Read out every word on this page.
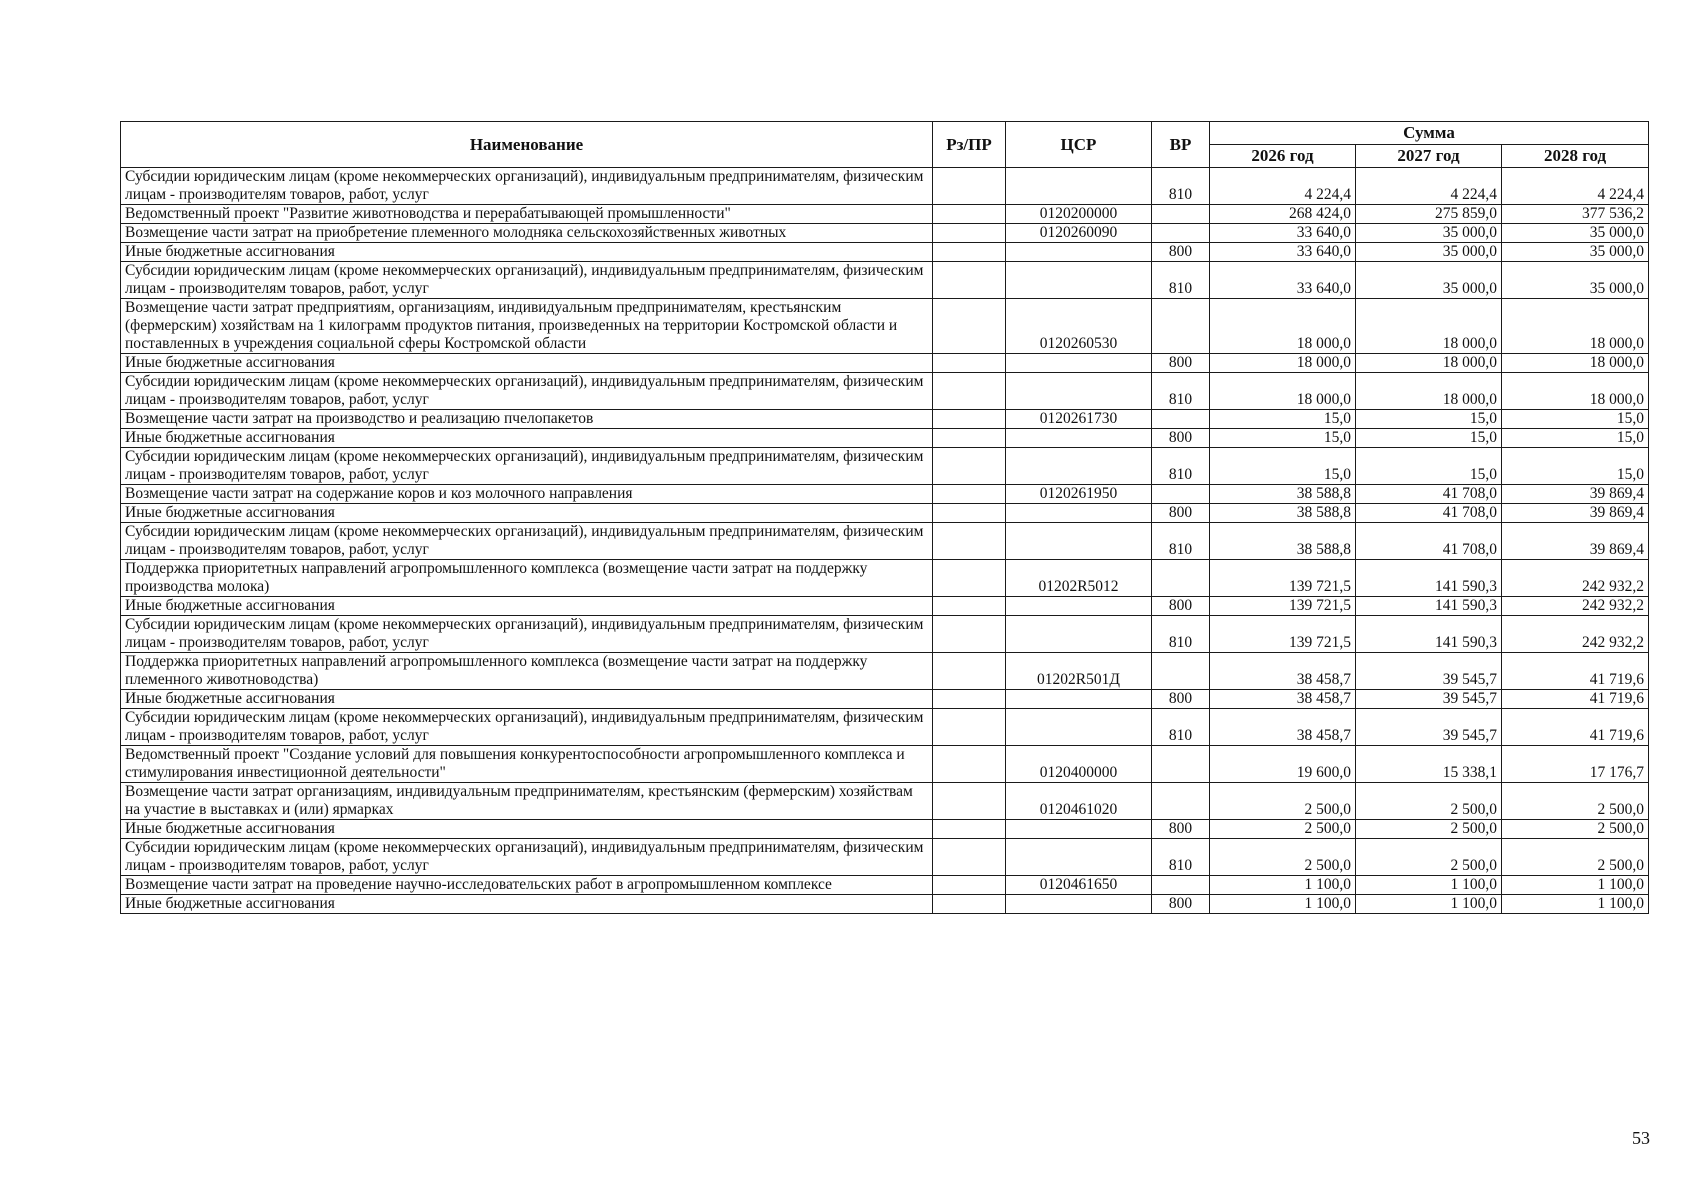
Наименование	Рз/ПР	ЦСР	ВР	Сумма		
				2026 год	2027 год	2028 год
Субсидии юридическим лицам (кроме некоммерческих организаций), индивидуальным предпринимателям, физическим лицам - производителям товаров, работ, услуг			810	4 224,4	4 224,4	4 224,4
Ведомственный проект "Развитие животноводства и перерабатывающей промышленности"		0120200000		268 424,0	275 859,0	377 536,2
Возмещение части затрат на приобретение племенного молодняка сельскохозяйственных животных		0120260090		33 640,0	35 000,0	35 000,0
Иные бюджетные ассигнования			800	33 640,0	35 000,0	35 000,0
Субсидии юридическим лицам (кроме некоммерческих организаций), индивидуальным предпринимателям, физическим лицам - производителям товаров, работ, услуг			810	33 640,0	35 000,0	35 000,0
Возмещение части затрат предприятиям, организациям, индивидуальным предпринимателям, крестьянским (фермерским) хозяйствам на 1 килограмм продуктов питания, произведенных на территории Костромской области и поставленных в учреждения социальной сферы Костромской области		0120260530		18 000,0	18 000,0	18 000,0
Иные бюджетные ассигнования			800	18 000,0	18 000,0	18 000,0
Субсидии юридическим лицам (кроме некоммерческих организаций), индивидуальным предпринимателям, физическим лицам - производителям товаров, работ, услуг			810	18 000,0	18 000,0	18 000,0
Возмещение части затрат на производство и реализацию пчелопакетов		0120261730		15,0	15,0	15,0
Иные бюджетные ассигнования			800	15,0	15,0	15,0
Субсидии юридическим лицам (кроме некоммерческих организаций), индивидуальным предпринимателям, физическим лицам - производителям товаров, работ, услуг			810	15,0	15,0	15,0
Возмещение части затрат на содержание коров и коз молочного направления		0120261950		38 588,8	41 708,0	39 869,4
Иные бюджетные ассигнования			800	38 588,8	41 708,0	39 869,4
Субсидии юридическим лицам (кроме некоммерческих организаций), индивидуальным предпринимателям, физическим лицам - производителям товаров, работ, услуг			810	38 588,8	41 708,0	39 869,4
Поддержка приоритетных направлений агропромышленного комплекса (возмещение части затрат на поддержку производства молока)		01202R5012		139 721,5	141 590,3	242 932,2
Иные бюджетные ассигнования			800	139 721,5	141 590,3	242 932,2
Субсидии юридическим лицам (кроме некоммерческих организаций), индивидуальным предпринимателям, физическим лицам - производителям товаров, работ, услуг			810	139 721,5	141 590,3	242 932,2
Поддержка приоритетных направлений агропромышленного комплекса (возмещение части затрат на поддержку племенного животноводства)		01202R501Д		38 458,7	39 545,7	41 719,6
Иные бюджетные ассигнования			800	38 458,7	39 545,7	41 719,6
Субсидии юридическим лицам (кроме некоммерческих организаций), индивидуальным предпринимателям, физическим лицам - производителям товаров, работ, услуг			810	38 458,7	39 545,7	41 719,6
Ведомственный проект "Создание условий для повышения конкурентоспособности агропромышленного комплекса и стимулирования инвестиционной деятельности"		0120400000		19 600,0	15 338,1	17 176,7
Возмещение части затрат организациям, индивидуальным предпринимателям, крестьянским (фермерским) хозяйствам на участие в выставках и (или) ярмарках		0120461020		2 500,0	2 500,0	2 500,0
Иные бюджетные ассигнования			800	2 500,0	2 500,0	2 500,0
Субсидии юридическим лицам (кроме некоммерческих организаций), индивидуальным предпринимателям, физическим лицам - производителям товаров, работ, услуг			810	2 500,0	2 500,0	2 500,0
Возмещение части затрат на проведение научно-исследовательских работ в агропромышленном комплексе		0120461650		1 100,0	1 100,0	1 100,0
Иные бюджетные ассигнования			800	1 100,0	1 100,0	1 100,0
53
